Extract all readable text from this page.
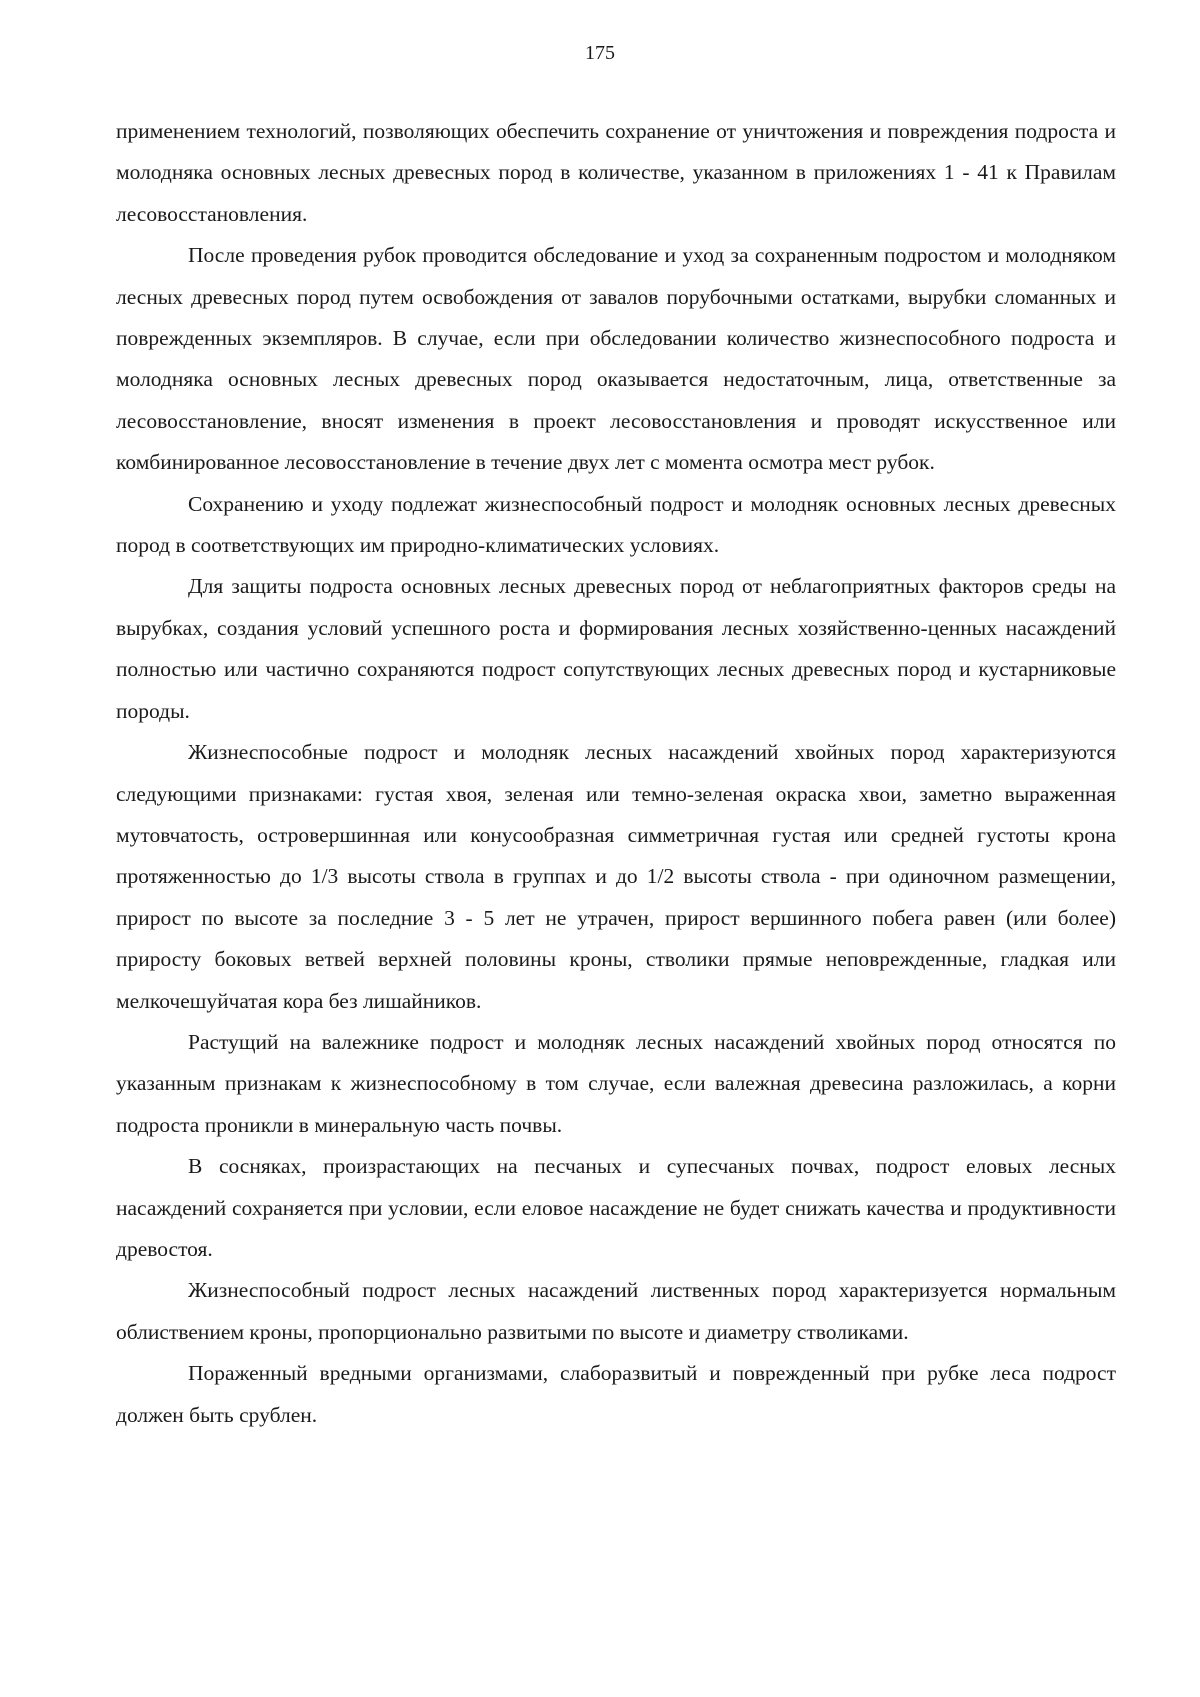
175

применением технологий, позволяющих обеспечить сохранение от уничтожения и повреждения подроста и молодняка основных лесных древесных пород в количестве, указанном в приложениях 1 - 41 к Правилам лесовосстановления.

После проведения рубок проводится обследование и уход за сохраненным подростом и молодняком лесных древесных пород путем освобождения от завалов порубочными остатками, вырубки сломанных и поврежденных экземпляров. В случае, если при обследовании количество жизнеспособного подроста и молодняка основных лесных древесных пород оказывается недостаточным, лица, ответственные за лесовосстановление, вносят изменения в проект лесовосстановления и проводят искусственное или комбинированное лесовосстановление в течение двух лет с момента осмотра мест рубок.

Сохранению и уходу подлежат жизнеспособный подрост и молодняк основных лесных древесных пород в соответствующих им природно-климатических условиях.

Для защиты подроста основных лесных древесных пород от неблагоприятных факторов среды на вырубках, создания условий успешного роста и формирования лесных хозяйственно-ценных насаждений полностью или частично сохраняются подрост сопутствующих лесных древесных пород и кустарниковые породы.

Жизнеспособные подрост и молодняк лесных насаждений хвойных пород характеризуются следующими признаками: густая хвоя, зеленая или темно-зеленая окраска хвои, заметно выраженная мутовчатость, островершинная или конусообразная симметричная густая или средней густоты крона протяженностью до 1/3 высоты ствола в группах и до 1/2 высоты ствола - при одиночном размещении, прирост по высоте за последние 3 - 5 лет не утрачен, прирост вершинного побега равен (или более) приросту боковых ветвей верхней половины кроны, стволики прямые неповрежденные, гладкая или мелкочешуйчатая кора без лишайников.

Растущий на валежнике подрост и молодняк лесных насаждений хвойных пород относятся по указанным признакам к жизнеспособному в том случае, если валежная древесина разложилась, а корни подроста проникли в минеральную часть почвы.

В сосняках, произрастающих на песчаных и супесчаных почвах, подрост еловых лесных насаждений сохраняется при условии, если еловое насаждение не будет снижать качества и продуктивности древостоя.

Жизнеспособный подрост лесных насаждений лиственных пород характеризуется нормальным облиствением кроны, пропорционально развитыми по высоте и диаметру стволиками.

Пораженный вредными организмами, слаборазвитый и поврежденный при рубке леса подрост должен быть срублен.
